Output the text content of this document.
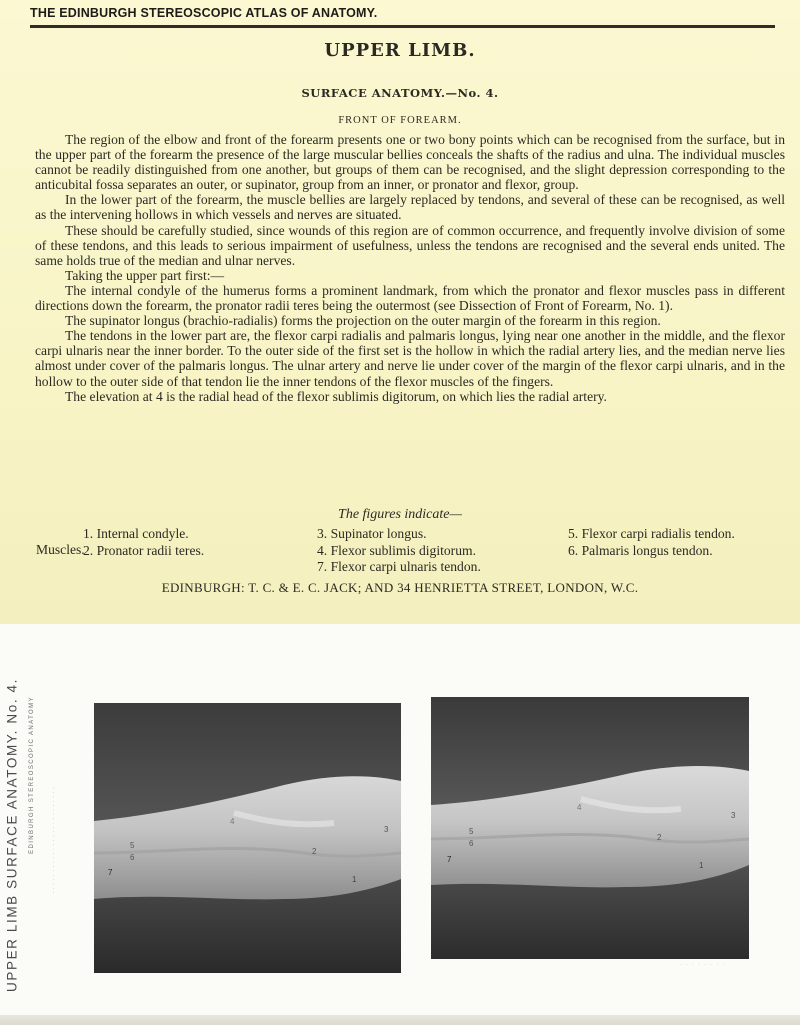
THE EDINBURGH STEREOSCOPIC ATLAS OF ANATOMY.
UPPER LIMB.
SURFACE ANATOMY.—No. 4.
FRONT OF FOREARM.

The region of the elbow and front of the forearm presents one or two bony points which can be recognised from the surface, but in the upper part of the forearm the presence of the large muscular bellies conceals the shafts of the radius and ulna. The individual muscles cannot be readily distinguished from one another, but groups of them can be recognised, and the slight depression corresponding to the anticubital fossa separates an outer, or supinator, group from an inner, or pronator and flexor, group.

In the lower part of the forearm, the muscle bellies are largely replaced by tendons, and several of these can be recognised, as well as the intervening hollows in which vessels and nerves are situated.

These should be carefully studied, since wounds of this region are of common occurrence, and frequently involve division of some of these tendons, and this leads to serious impairment of usefulness, unless the tendons are recognised and the several ends united. The same holds true of the median and ulnar nerves.

Taking the upper part first:—

The internal condyle of the humerus forms a prominent landmark, from which the pronator and flexor muscles pass in different directions down the forearm, the pronator radii teres being the outermost (see Dissection of Front of Forearm, No. 1).

The supinator longus (brachio-radialis) forms the projection on the outer margin of the forearm in this region.

The tendons in the lower part are, the flexor carpi radialis and palmaris longus, lying near one another in the middle, and the flexor carpi ulnaris near the inner border. To the outer side of the first set is the hollow in which the radial artery lies, and the median nerve lies almost under cover of the palmaris longus. The ulnar artery and nerve lie under cover of the margin of the flexor carpi ulnaris, and in the hollow to the outer side of that tendon lie the inner tendons of the flexor muscles of the fingers.

The elevation at 4 is the radial head of the flexor sublimis digitorum, on which lies the radial artery.

The figures indicate—
Muscles.
1. Internal condyle.
2. Pronator radii teres.
3. Supinator longus.
4. Flexor sublimis digitorum.
7. Flexor carpi ulnaris tendon.
5. Flexor carpi radialis tendon.
6. Palmaris longus tendon.
EDINBURGH: T. C. & E. C. JACK; AND 34 HENRIETTA STREET, LONDON, W.C.
UPPER LIMB SURFACE ANATOMY. No. 4. EDINBURGH STEREOSCOPIC ANATOMY	. . . . . . . . . . . . . . . . . . . . . . . . .	5
6
7
1
2
3
4
5
6
7
1
2
3
4
· · · · · · · ·
